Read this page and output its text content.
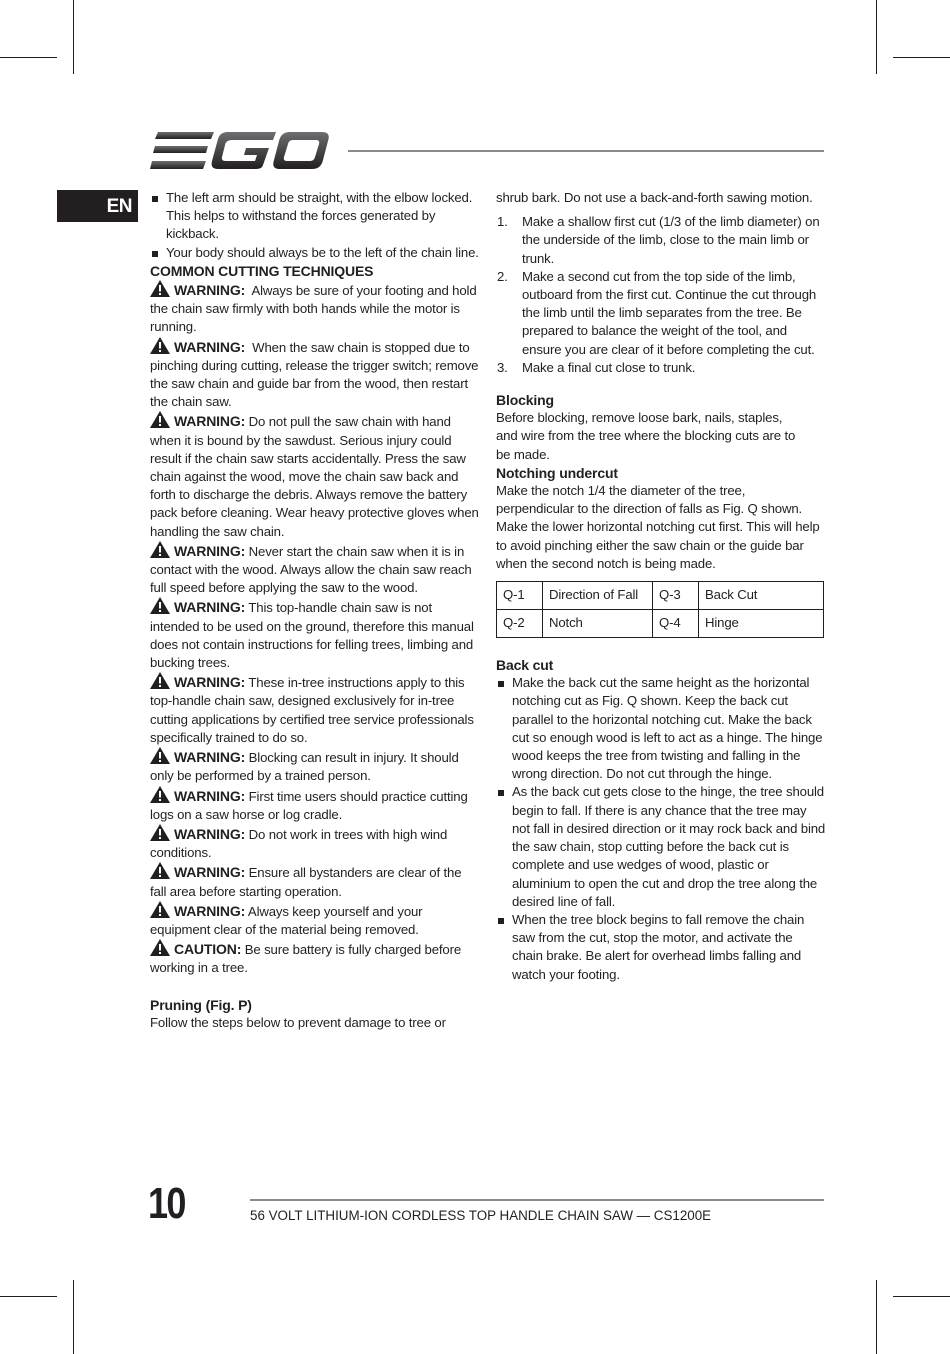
EN	The left arm should be straight, with the elbow locked. This helps to withstand the forces generated by kickback.

Your body should always be to the left of the chain line.

COMMON CUTTING TECHNIQUES

WARNING: Always be sure of your footing and hold the chain saw firmly with both hands while the motor is running.

WARNING: When the saw chain is stopped due to pinching during cutting, release the trigger switch; remove the saw chain and guide bar from the wood, then restart the chain saw.

WARNING: Do not pull the saw chain with hand when it is bound by the sawdust. Serious injury could result if the chain saw starts accidentally. Press the saw chain against the wood, move the chain saw back and forth to discharge the debris. Always remove the battery pack before cleaning. Wear heavy protective gloves when handling the saw chain.

WARNING: Never start the chain saw when it is in contact with the wood. Always allow the chain saw reach full speed before applying the saw to the wood.

WARNING: This top-handle chain saw is not intended to be used on the ground, therefore this manual does not contain instructions for felling trees, limbing and bucking trees.

WARNING: These in-tree instructions apply to this top-handle chain saw, designed exclusively for in-tree cutting applications by certified tree service professionals specifically trained to do so.

WARNING: Blocking can result in injury. It should only be performed by a trained person.

WARNING: First time users should practice cutting logs on a saw horse or log cradle.

WARNING: Do not work in trees with high wind conditions.

WARNING: Ensure all bystanders are clear of the fall area before starting operation.

WARNING: Always keep yourself and your equipment clear of the material being removed.

CAUTION: Be sure battery is fully charged before working in a tree.

Pruning (Fig. P)

Follow the steps below to prevent damage to tree or

shrub bark. Do not use a back-and-forth sawing motion.

1. Make a shallow first cut (1/3 of the limb diameter) on the underside of the limb, close to the main limb or trunk.

2. Make a second cut from the top side of the limb, outboard from the first cut. Continue the cut through the limb until the limb separates from the tree. Be prepared to balance the weight of the tool, and ensure you are clear of it before completing the cut.

3. Make a final cut close to trunk.

Blocking

Before blocking, remove loose bark, nails, staples, and wire from the tree where the blocking cuts are to be made.

Notching undercut

Make the notch 1/4 the diameter of the tree, perpendicular to the direction of falls as Fig. Q shown. Make the lower horizontal notching cut first. This will help to avoid pinching either the saw chain or the guide bar when the second notch is being made.

Q-1	Direction of Fall	Q-3	Back Cut
Q-2	Notch	Q-4	Hinge

Back cut

Make the back cut the same height as the horizontal notching cut as Fig. Q shown. Keep the back cut parallel to the horizontal notching cut. Make the back cut so enough wood is left to act as a hinge. The hinge wood keeps the tree from twisting and falling in the wrong direction. Do not cut through the hinge.

As the back cut gets close to the hinge, the tree should begin to fall. If there is any chance that the tree may not fall in desired direction or it may rock back and bind the saw chain, stop cutting before the back cut is complete and use wedges of wood, plastic or aluminium to open the cut and drop the tree along the desired line of fall.

When the tree block begins to fall remove the chain saw from the cut, stop the motor, and activate the chain brake. Be alert for overhead limbs falling and watch your footing.

10	56 VOLT LITHIUM-ION CORDLESS TOP HANDLE CHAIN SAW — CS1200E
